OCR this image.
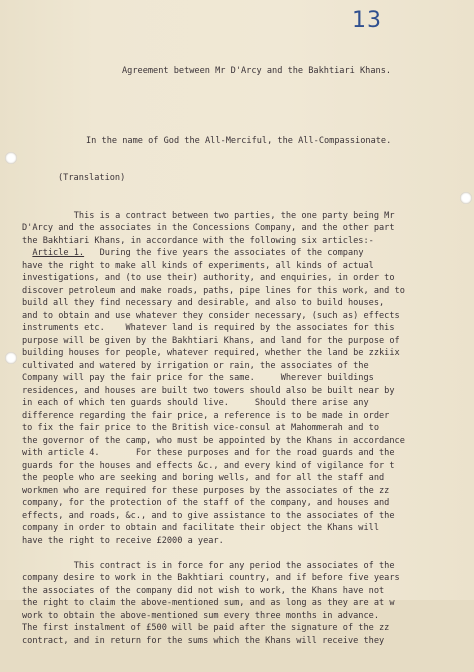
13

Agreement between Mr D'Arcy and the Bakhtiari Khans.

In the name of God the All-Merciful, the All-Compassionate.

(Translation)

This is a contract between two parties, the one party being Mr
D'Arcy and the associates in the Concessions Company, and the other part
the Bakhtiari Khans, in accordance with the following six articles:-
Article 1.   During the five years the associates of the company
have the right to make all kinds of experiments, all kinds of actual
investigations, and (to use their) authority, and enquiries, in order to
discover petroleum and make roads, paths, pipe lines for this work, and to
build all they find necessary and desirable, and also to build houses,
and to obtain and use whatever they consider necessary, (such as) effects
instruments etc.    Whatever land is required by the associates for this
purpose will be given by the Bakhtiari Khans, and land for the purpose of
building houses for people, whatever required, whether the land be zzkiix
cultivated and watered by irrigation or rain, the associates of the
Company will pay the fair price for the same.     Wherever buildings
residences, and houses are built two towers should also be built near by
in each of which ten guards should live.     Should there arise any
difference regarding the fair price, a reference is to be made in order
to fix the fair price to the British vice-consul at Mahommerah and to
the governor of the camp, who must be appointed by the Khans in accordance
with article 4.       For these purposes and for the road guards and the
guards for the houses and effects &c., and every kind of vigilance for t
the people who are seeking and boring wells, and for all the staff and
workmen who are required for these purposes by the associates of the zz
company, for the protection of the staff of the company, and houses and
effects, and roads, &c., and to give assistance to the associates of the
company in order to obtain and facilitate their object the Khans will
have the right to receive £2000 a year.
This contract is in force for any period the associates of the
company desire to work in the Bakhtiari country, and if before five years
the associates of the company did not wish to work, the Khans have not
the right to claim the above-mentioned sum, and as long as they are at w
work to obtain the above-mentioned sum every three months in advance.
The first instalment of £500 will be paid after the signature of the zz
contract, and in return for the sums which the Khans will receive they
